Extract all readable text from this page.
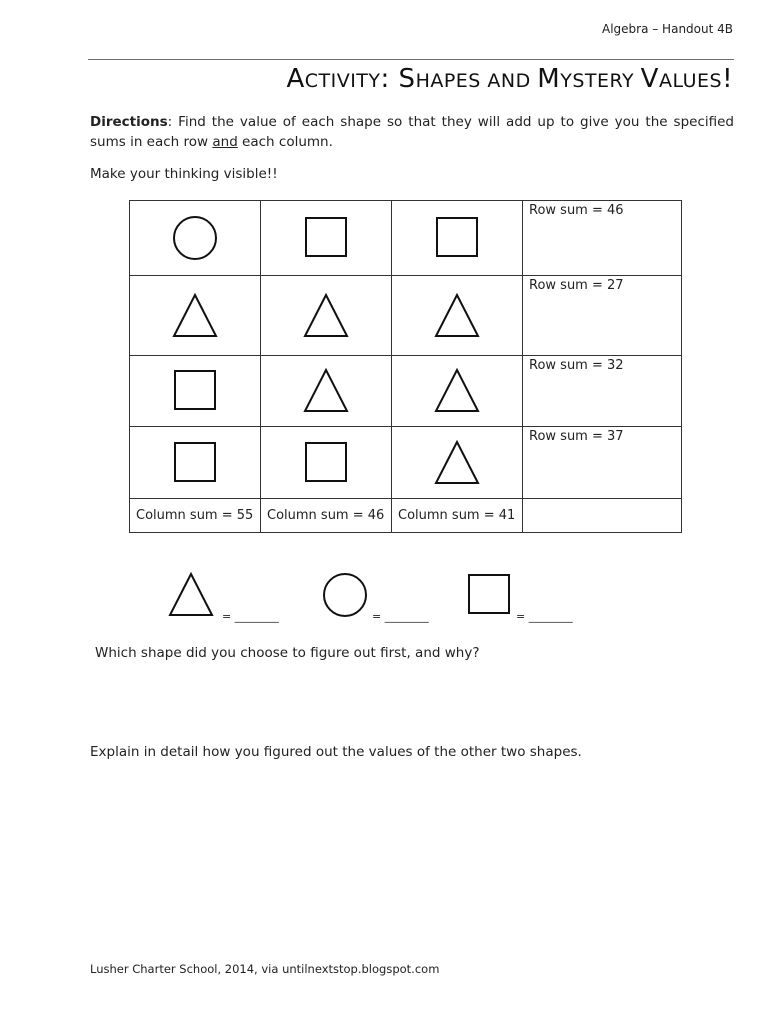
Algebra – Handout 4B
ACTIVITY: SHAPES AND MYSTERY VALUES!
Directions: Find the value of each shape so that they will add up to give you the specified sums in each row and each column.
Make your thinking visible!!

	Row sum = 46

	Row sum = 27

	Row sum = 32

	Row sum = 37
Column sum = 55	Column sum = 46	Column sum = 41	
= ________	= ________	= ________
Which shape did you choose to figure out first, and why?
Explain in detail how you figured out the values of the other two shapes.
Lusher Charter School, 2014, via untilnextstop.blogspot.com
